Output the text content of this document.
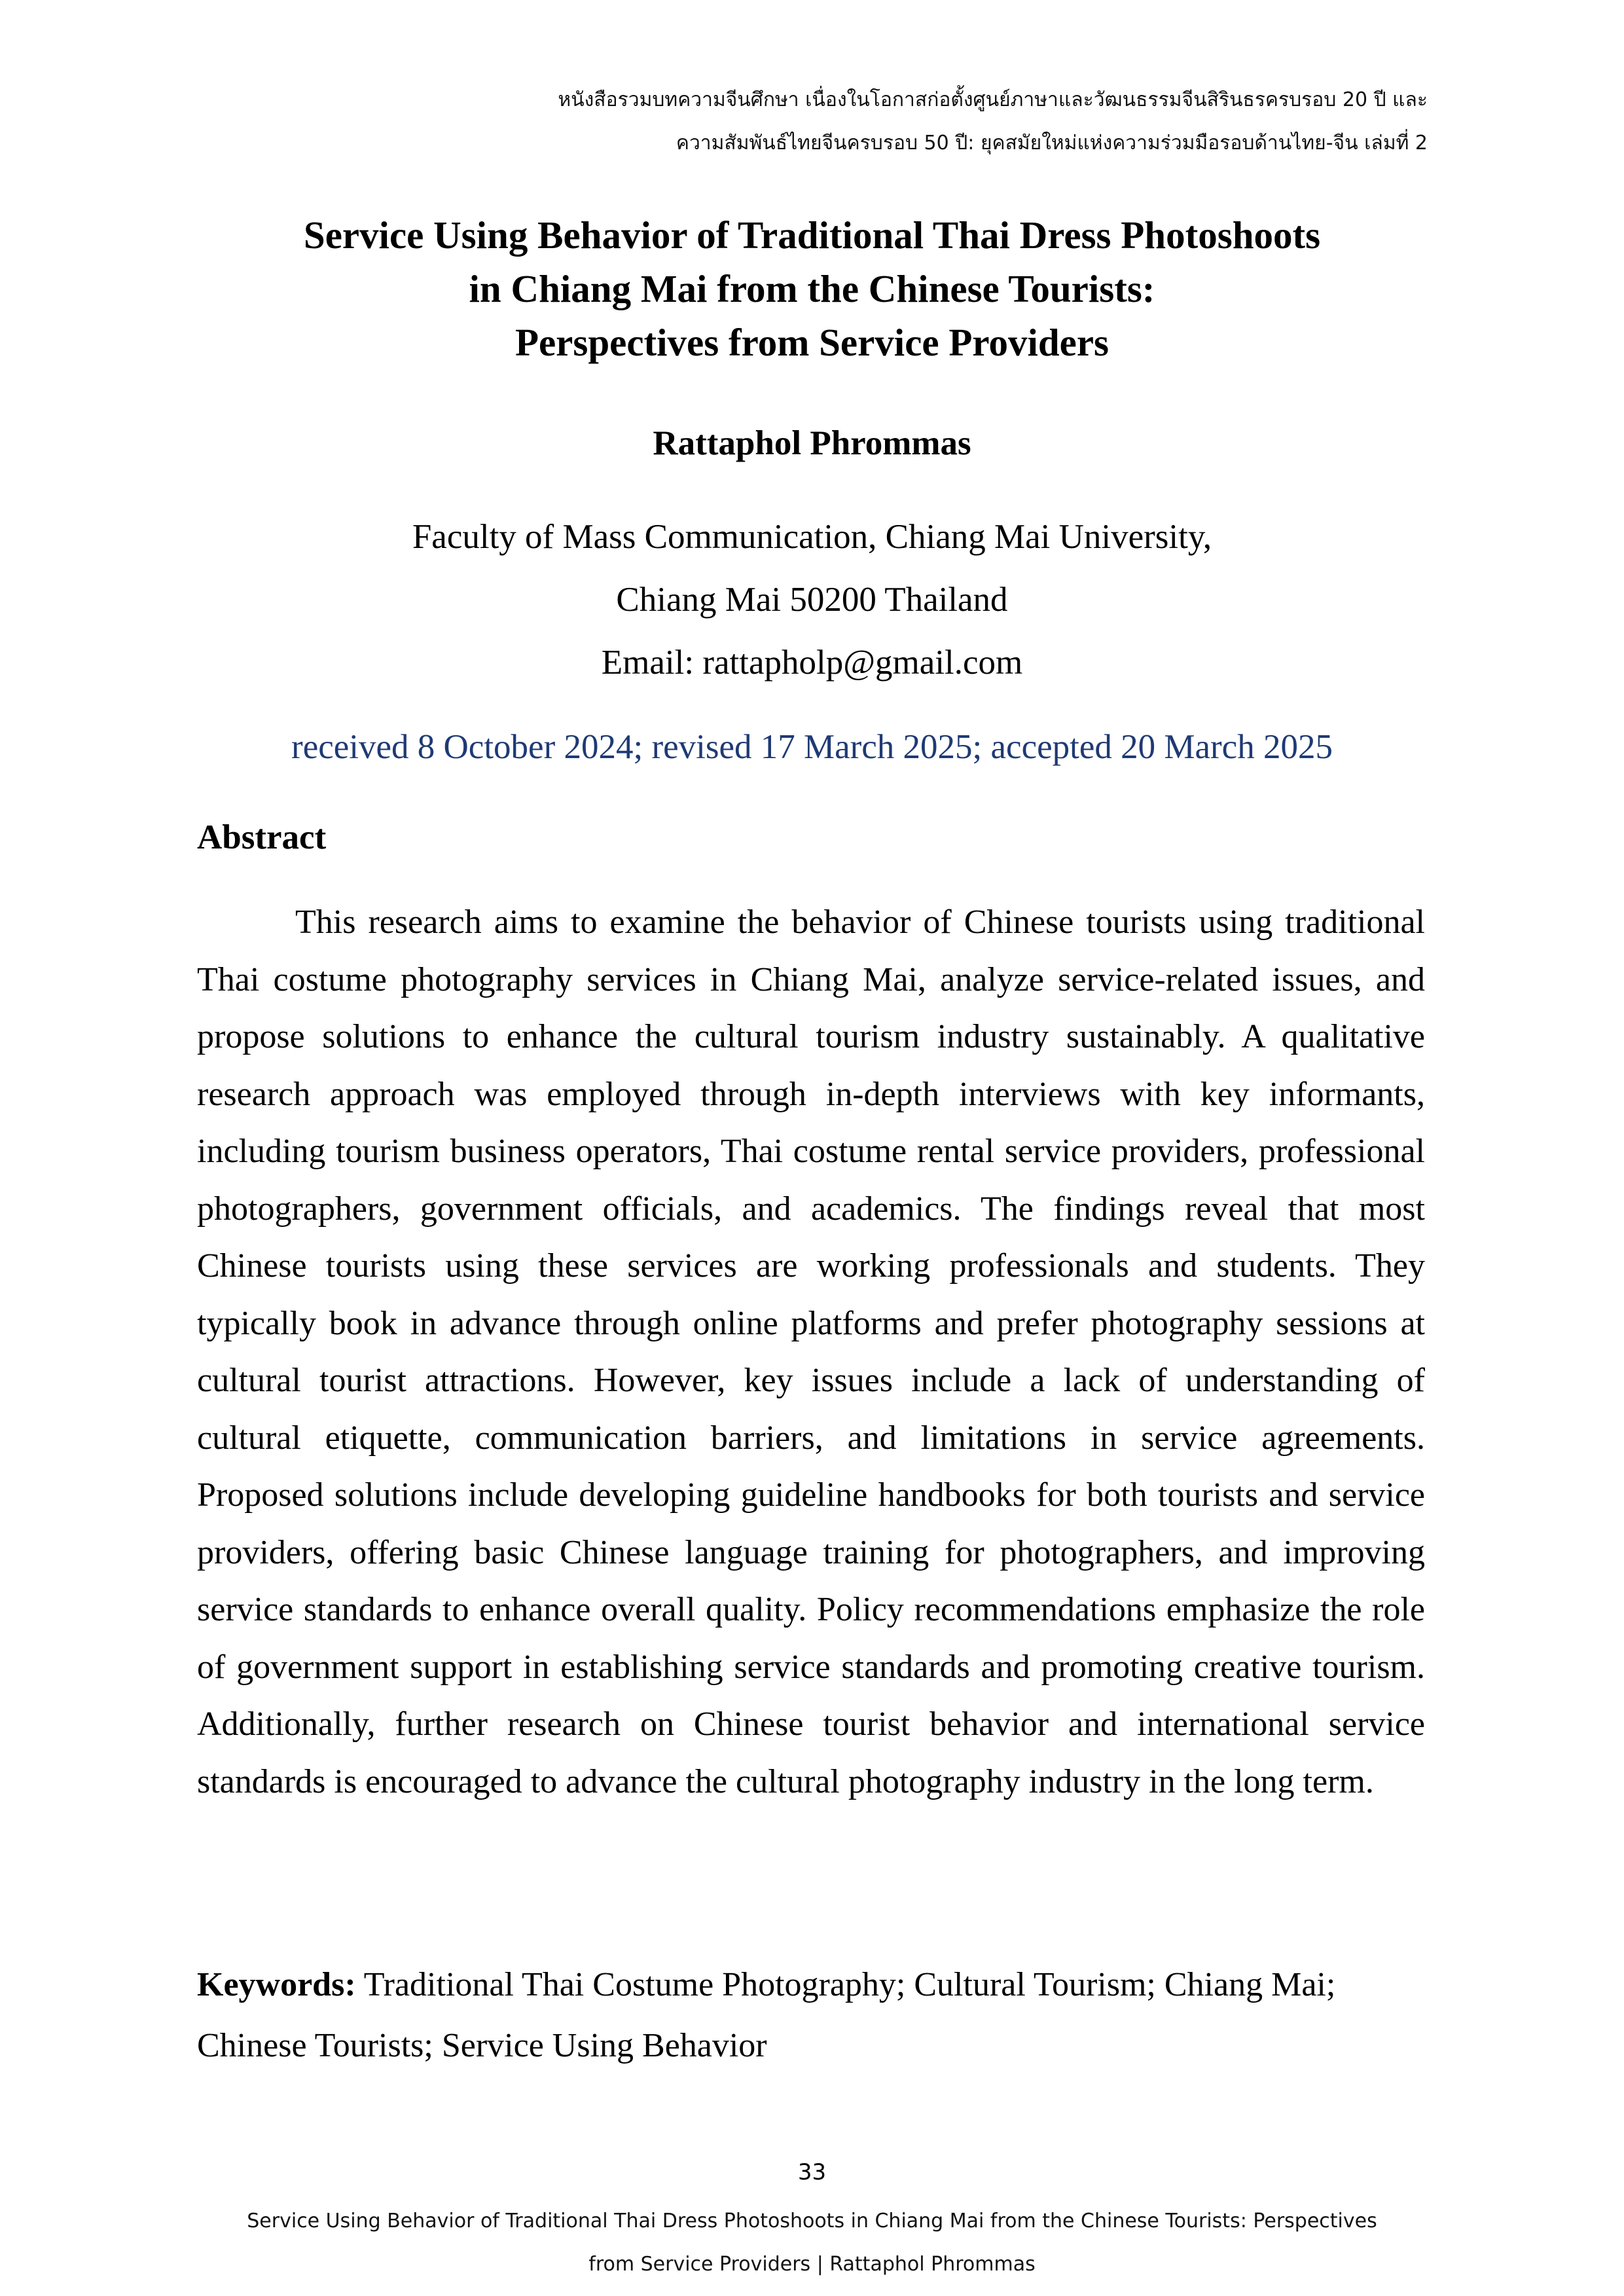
หนังสือรวมบทความจีนศึกษา เนื่องในโอกาสก่อตั้งศูนย์ภาษาและวัฒนธรรมจีนสิรินธรครบรอบ 20 ปี และ
ความสัมพันธ์ไทยจีนครบรอบ 50 ปี: ยุคสมัยใหม่แห่งความร่วมมือรอบด้านไทย-จีน เล่มที่ 2
Service Using Behavior of Traditional Thai Dress Photoshoots
in Chiang Mai from the Chinese Tourists:
Perspectives from Service Providers
Rattaphol Phrommas
Faculty of Mass Communication, Chiang Mai University,
Chiang Mai 50200 Thailand
Email: rattapholp@gmail.com
received 8 October 2024; revised 17 March 2025; accepted 20 March 2025
Abstract

This research aims to examine the behavior of Chinese tourists using traditional Thai costume photography services in Chiang Mai, analyze service-related issues, and propose solutions to enhance the cultural tourism industry sustainably. A qualitative research approach was employed through in-depth interviews with key informants, including tourism business operators, Thai costume rental service providers, professional photographers, government officials, and academics. The findings reveal that most Chinese tourists using these services are working professionals and students. They typically book in advance through online platforms and prefer photography sessions at cultural tourist attractions. However, key issues include a lack of understanding of cultural etiquette, communication barriers, and limitations in service agreements. Proposed solutions include developing guideline handbooks for both tourists and service providers, offering basic Chinese language training for photographers, and improving service standards to enhance overall quality. Policy recommendations emphasize the role of government support in establishing service standards and promoting creative tourism. Additionally, further research on Chinese tourist behavior and international service standards is encouraged to advance the cultural photography industry in the long term.

Keywords: Traditional Thai Costume Photography; Cultural Tourism; Chiang Mai; Chinese Tourists; Service Using Behavior

33
Service Using Behavior of Traditional Thai Dress Photoshoots in Chiang Mai from the Chinese Tourists: Perspectives
from Service Providers | Rattaphol Phrommas
